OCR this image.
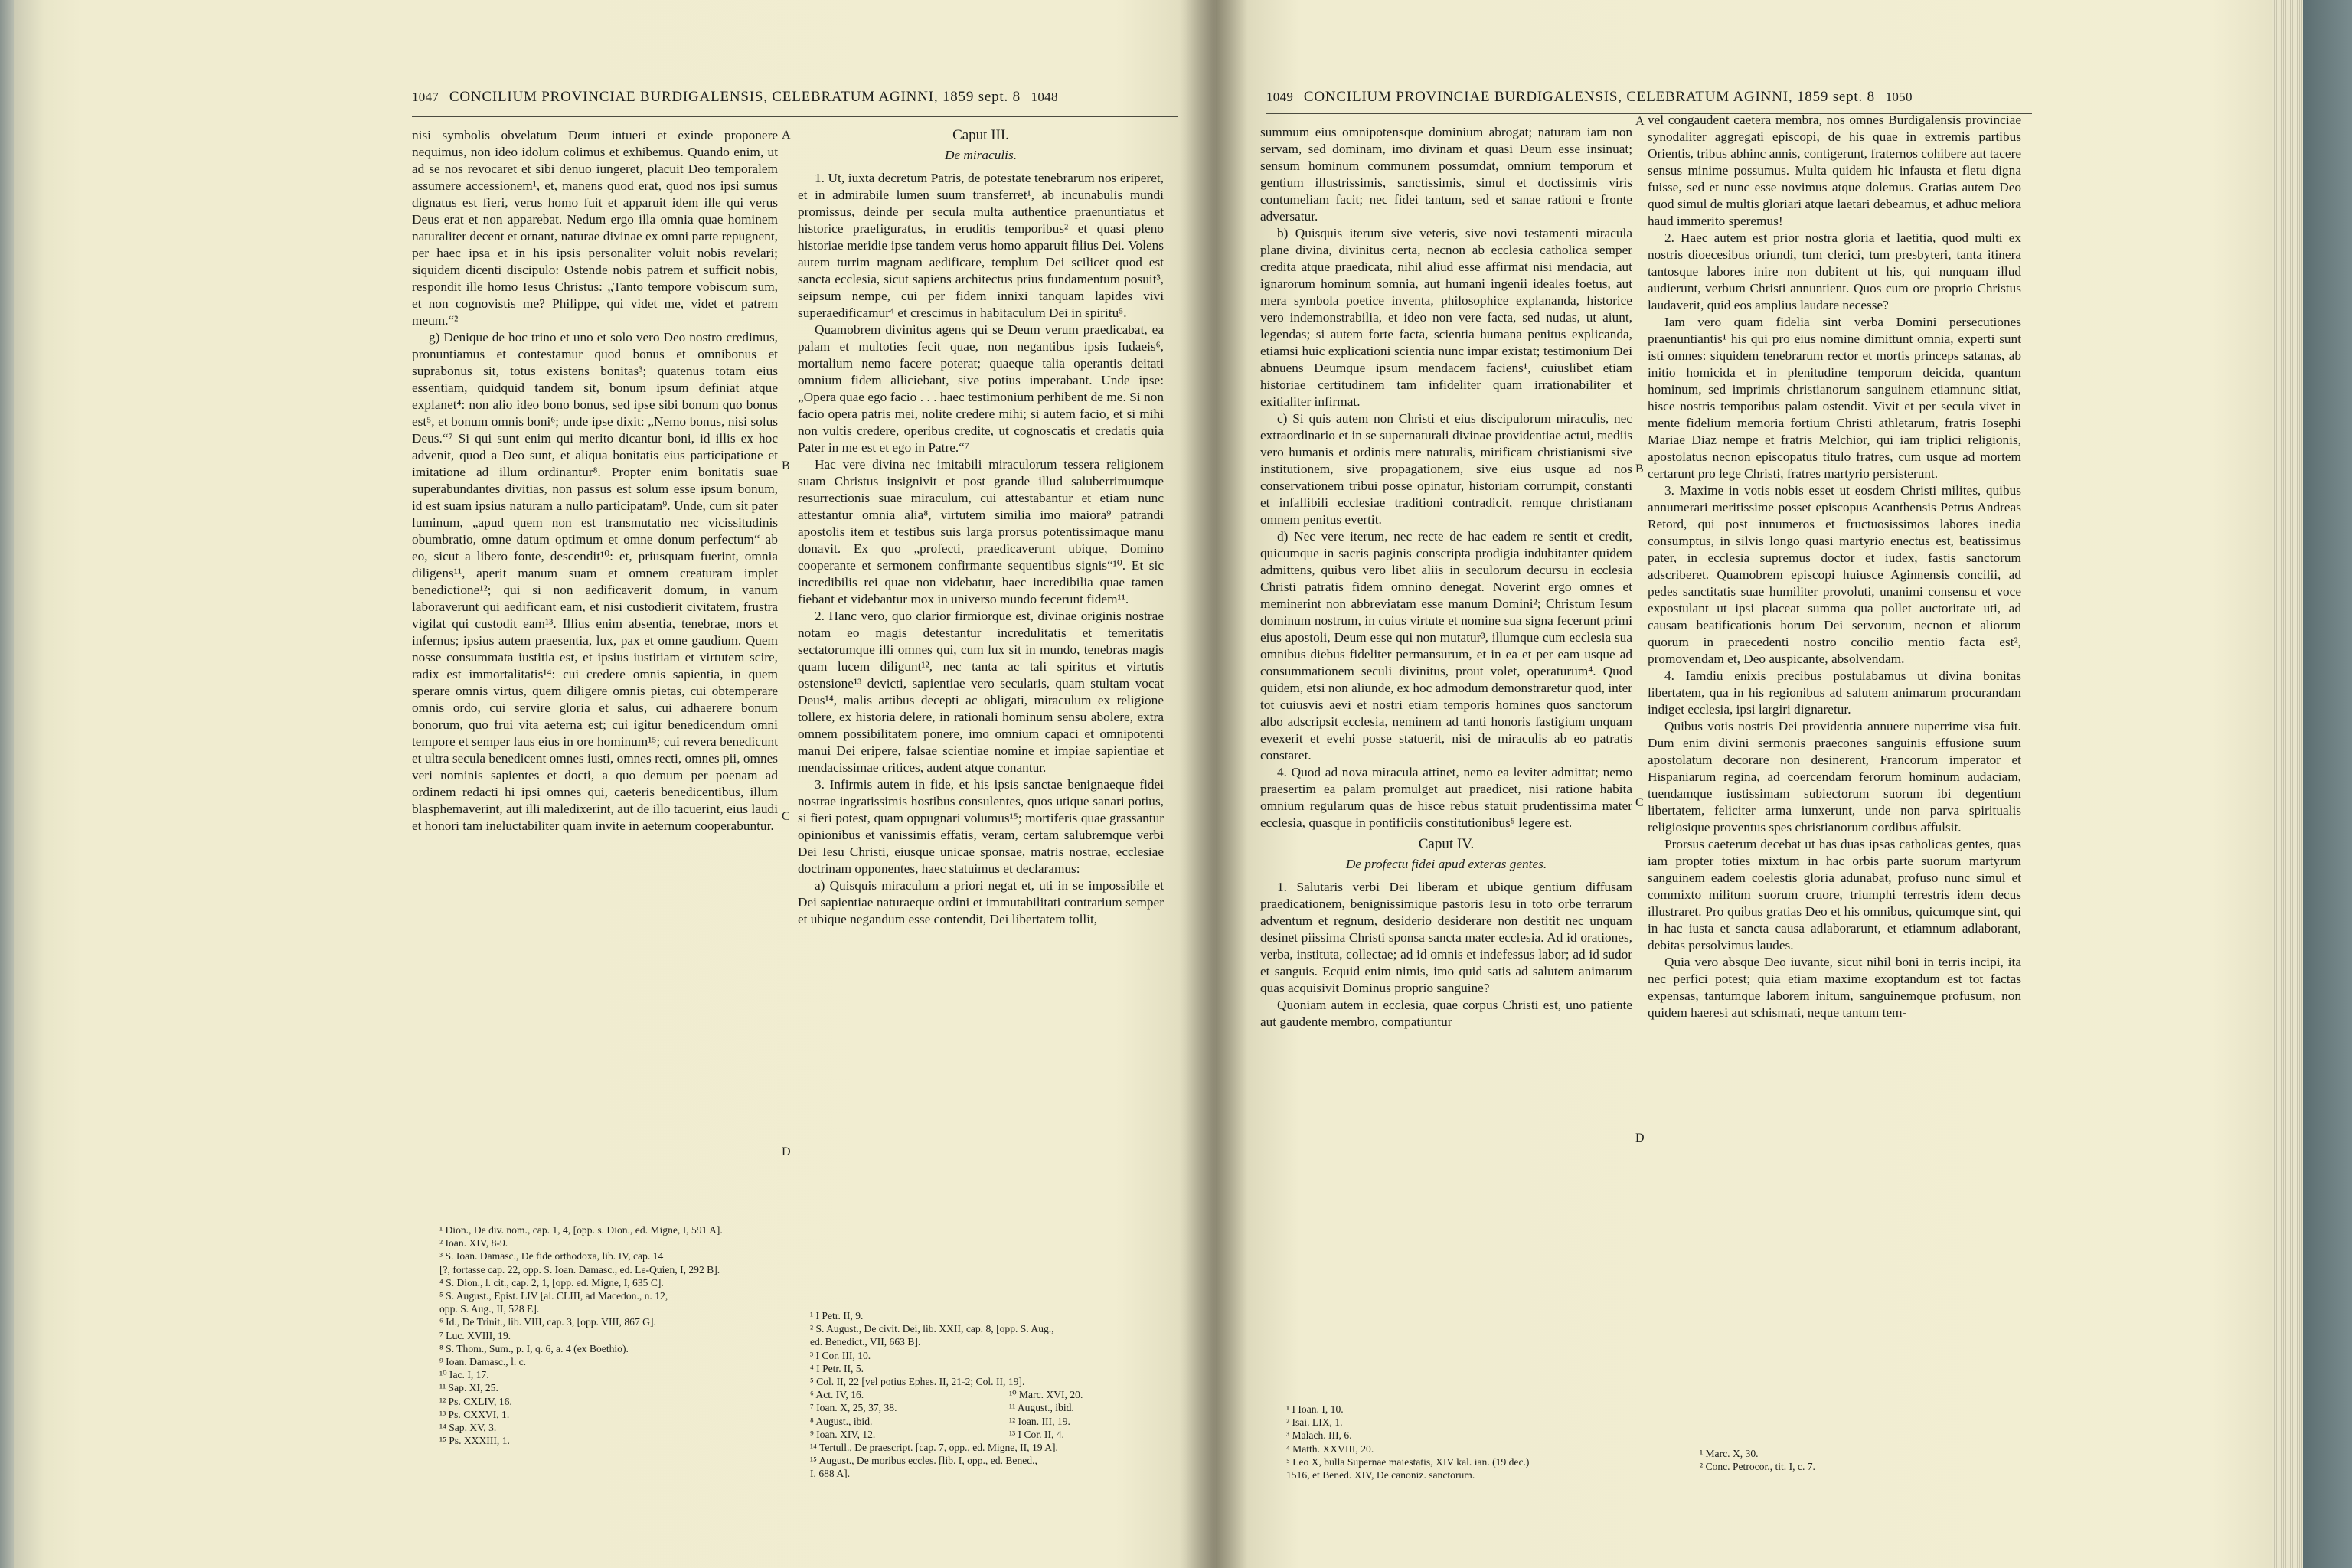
1047 CONCILIUM PROVINCIAE BURDIGALENSIS, CELEBRATUM AGINNI, 1859 sept. 8 1048

nisi symbolis obvelatum Deum intueri et exinde proponere nequimus, non ideo idolum colimus et exhibemus. Quando enim, ut ad se nos revocaret et sibi denuo iungeret, placuit Deo temporalem assumere accessionem¹, et, manens quod erat, quod nos ipsi sumus dignatus est fieri, verus homo fuit et apparuit idem ille qui verus Deus erat et non apparebat. Nedum ergo illa omnia quae hominem naturaliter decent et ornant, naturae divinae ex omni parte repugnent, per haec ipsa et in his ipsis personaliter voluit nobis revelari; siquidem dicenti discipulo: Ostende nobis patrem et sufficit nobis, respondit ille homo Iesus Christus: „Tanto tempore vobiscum sum, et non cognovistis me? Philippe, qui videt me, videt et patrem meum.“²

g) Denique de hoc trino et uno et solo vero Deo nostro credimus, pronuntiamus et contestamur quod bonus et omnibonus et suprabonus sit, totus existens bonitas³; quatenus totam eius essentiam, quidquid tandem sit, bonum ipsum definiat atque explanet⁴: non alio ideo bono bonus, sed ipse sibi bonum quo bonus est⁵, et bonum omnis boni⁶; unde ipse dixit: „Nemo bonus, nisi solus Deus.“⁷ Si qui sunt enim qui merito dicantur boni, id illis ex hoc advenit, quod a Deo sunt, et aliqua bonitatis eius participatione et imitatione ad illum ordinantur⁸. Propter enim bonitatis suae superabundantes divitias, non passus est solum esse ipsum bonum, id est suam ipsius naturam a nullo participatam⁹. Unde, cum sit pater luminum, „apud quem non est transmutatio nec vicissitudinis obumbratio, omne datum optimum et omne donum perfectum“ ab eo, sicut a libero fonte, descendit¹⁰: et, priusquam fuerint, omnia diligens¹¹, aperit manum suam et omnem creaturam implet benedictione¹²; qui si non aedificaverit domum, in vanum laboraverunt qui aedificant eam, et nisi custodierit civitatem, frustra vigilat qui custodit eam¹³. Illius enim absentia, tenebrae, mors et infernus; ipsius autem praesentia, lux, pax et omne gaudium. Quem nosse consummata iustitia est, et ipsius iustitiam et virtutem scire, radix est immortalitatis¹⁴: cui credere omnis sapientia, in quem sperare omnis virtus, quem diligere omnis pietas, cui obtemperare omnis ordo, cui servire gloria et salus, cui adhaerere bonum bonorum, quo frui vita aeterna est; cui igitur benedicendum omni tempore et semper laus eius in ore hominum¹⁵; cui revera benedicunt et ultra secula benedicent omnes iusti, omnes recti, omnes pii, omnes veri nominis sapientes et docti, a quo demum per poenam ad ordinem redacti hi ipsi omnes qui, caeteris benedicentibus, illum blasphemaverint, aut illi maledixerint, aut de illo tacuerint, eius laudi et honori tam ineluctabiliter quam invite in aeternum cooperabuntur.

A
B
C
D

Caput III.

De miraculis.

1. Ut, iuxta decretum Patris, de potestate tenebrarum nos eriperet, et in admirabile lumen suum transferret¹, ab incunabulis mundi promissus, deinde per secula multa authentice praenuntiatus et historice praefiguratus, in eruditis temporibus² et quasi pleno historiae meridie ipse tandem verus homo apparuit filius Dei. Volens autem turrim magnam aedificare, templum Dei scilicet quod est sancta ecclesia, sicut sapiens architectus prius fundamentum posuit³, seipsum nempe, cui per fidem innixi tanquam lapides vivi superaedificamur⁴ et crescimus in habitaculum Dei in spiritu⁵.

Quamobrem divinitus agens qui se Deum verum praedicabat, ea palam et multoties fecit quae, non negantibus ipsis Iudaeis⁶, mortalium nemo facere poterat; quaeque talia operantis deitati omnium fidem alliciebant, sive potius imperabant. Unde ipse: „Opera quae ego facio . . . haec testimonium perhibent de me. Si non facio opera patris mei, nolite credere mihi; si autem facio, et si mihi non vultis credere, operibus credite, ut cognoscatis et credatis quia Pater in me est et ego in Patre.“⁷

Hac vere divina nec imitabili miraculorum tessera religionem suam Christus insignivit et post grande illud saluberrimumque resurrectionis suae miraculum, cui attestabantur et etiam nunc attestantur omnia alia⁸, virtutem similia imo maiora⁹ patrandi apostolis item et testibus suis larga prorsus potentissimaque manu donavit. Ex quo „profecti, praedicaverunt ubique, Domino cooperante et sermonem confirmante sequentibus signis“¹⁰. Et sic incredibilis rei quae non videbatur, haec incredibilia quae tamen fiebant et videbantur mox in universo mundo fecerunt fidem¹¹.

2. Hanc vero, quo clarior firmiorque est, divinae originis nostrae notam eo magis detestantur incredulitatis et temeritatis sectatorumque illi omnes qui, cum lux sit in mundo, tenebras magis quam lucem diligunt¹², nec tanta ac tali spiritus et virtutis ostensione¹³ devicti, sapientiae vero secularis, quam stultam vocat Deus¹⁴, malis artibus decepti ac obligati, miraculum ex religione tollere, ex historia delere, in rationali hominum sensu abolere, extra omnem possibilitatem ponere, imo omnium capaci et omnipotenti manui Dei eripere, falsae scientiae nomine et impiae sapientiae et mendacissimae critices, audent atque conantur.

3. Infirmis autem in fide, et his ipsis sanctae benignaeque fidei nostrae ingratissimis hostibus consulentes, quos utique sanari potius, si fieri potest, quam oppugnari volumus¹⁵; mortiferis quae grassantur opinionibus et vanissimis effatis, veram, certam salubremque verbi Dei Iesu Christi, eiusque unicae sponsae, matris nostrae, ecclesiae doctrinam opponentes, haec statuimus et declaramus:

a) Quisquis miraculum a priori negat et, uti in se impossibile et Dei sapientiae naturaeque ordini et immutabilitati contrarium semper et ubique negandum esse contendit, Dei libertatem tollit,

¹ Dion., De div. nom., cap. 1, 4, [opp. s. Dion., ed. Migne, I, 591 A].
² Ioan. XIV, 8-9.
³ S. Ioan. Damasc., De fide orthodoxa, lib. IV, cap. 14
[?, fortasse cap. 22, opp. S. Ioan. Damasc., ed. Le-Quien, I, 292 B].
⁴ S. Dion., l. cit., cap. 2, 1, [opp. ed. Migne, I, 635 C].
⁵ S. August., Epist. LIV [al. CLIII, ad Macedon., n. 12,
opp. S. Aug., II, 528 E].
⁶ Id., De Trinit., lib. VIII, cap. 3, [opp. VIII, 867 G].
⁷ Luc. XVIII, 19.
⁸ S. Thom., Sum., p. I, q. 6, a. 4 (ex Boethio).
⁹ Ioan. Damasc., l. c.
¹⁰ Iac. I, 17.
¹¹ Sap. XI, 25.
¹² Ps. CXLIV, 16.
¹³ Ps. CXXVI, 1.
¹⁴ Sap. XV, 3.
¹⁵ Ps. XXXIII, 1.
¹ I Petr. II, 9.
² S. August., De civit. Dei, lib. XXII, cap. 8, [opp. S. Aug.,
ed. Benedict., VII, 663 B].
³ I Cor. III, 10.
⁴ I Petr. II, 5.
⁵ Col. II, 22 [vel potius Ephes. II, 21-2; Col. II, 19].
⁶ Act. IV, 16.
⁷ Ioan. X, 25, 37, 38.
⁸ August., ibid.
⁹ Ioan. XIV, 12.
¹⁰ Marc. XVI, 20.
¹¹ August., ibid.
¹² Ioan. III, 19.
¹³ I Cor. II, 4.
¹⁴ Tertull., De praescript. [cap. 7, opp., ed. Migne, II, 19 A].
¹⁵ August., De moribus eccles. [lib. I, opp., ed. Bened.,
I, 688 A].
1049 CONCILIUM PROVINCIAE BURDIGALENSIS, CELEBRATUM AGINNI, 1859 sept. 8 1050

summum eius omnipotensque dominium abrogat; naturam iam non servam, sed dominam, imo divinam et quasi Deum esse insinuat; sensum hominum communem possumdat, omnium temporum et gentium illustrissimis, sanctissimis, simul et doctissimis viris contumeliam facit; nec fidei tantum, sed et sanae rationi e fronte adversatur.

b) Quisquis iterum sive veteris, sive novi testamenti miracula plane divina, divinitus certa, necnon ab ecclesia catholica semper credita atque praedicata, nihil aliud esse affirmat nisi mendacia, aut ignarorum hominum somnia, aut humani ingenii ideales foetus, aut mera symbola poetice inventa, philosophice explananda, historice vero indemonstrabilia, et ideo non vere facta, sed nudas, ut aiunt, legendas; si autem forte facta, scientia humana penitus explicanda, etiamsi huic explicationi scientia nunc impar existat; testimonium Dei abnuens Deumque ipsum mendacem faciens¹, cuiuslibet etiam historiae certitudinem tam infideliter quam irrationabiliter et exitialiter infirmat.

c) Si quis autem non Christi et eius discipulorum miraculis, nec extraordinario et in se supernaturali divinae providentiae actui, mediis vero humanis et ordinis mere naturalis, mirificam christianismi sive institutionem, sive propagationem, sive eius usque ad nos conservationem tribui posse opinatur, historiam corrumpit, constanti et infallibili ecclesiae traditioni contradicit, remque christianam omnem penitus evertit.

d) Nec vere iterum, nec recte de hac eadem re sentit et credit, quicumque in sacris paginis conscripta prodigia indubitanter quidem admittens, quibus vero libet aliis in seculorum decursu in ecclesia Christi patratis fidem omnino denegat. Noverint ergo omnes et meminerint non abbreviatam esse manum Domini²; Christum Iesum dominum nostrum, in cuius virtute et nomine sua signa fecerunt primi eius apostoli, Deum esse qui non mutatur³, illumque cum ecclesia sua omnibus diebus fideliter permansurum, et in ea et per eam usque ad consummationem seculi divinitus, prout volet, operaturum⁴. Quod quidem, etsi non aliunde, ex hoc admodum demonstraretur quod, inter tot cuiusvis aevi et nostri etiam temporis homines quos sanctorum albo adscripsit ecclesia, neminem ad tanti honoris fastigium unquam evexerit et evehi posse statuerit, nisi de miraculis ab eo patratis constaret.

4. Quod ad nova miracula attinet, nemo ea leviter admittat; nemo praesertim ea palam promulget aut praedicet, nisi ratione habita omnium regularum quas de hisce rebus statuit prudentissima mater ecclesia, quasque in pontificiis constitutionibus⁵ legere est.

Caput IV.

De profectu fidei apud exteras gentes.

1. Salutaris verbi Dei liberam et ubique gentium diffusam praedicationem, benignissimique pastoris Iesu in toto orbe terrarum adventum et regnum, desiderio desiderare non destitit nec unquam desinet piissima Christi sponsa sancta mater ecclesia. Ad id orationes, verba, instituta, collectae; ad id omnis et indefessus labor; ad id sudor et sanguis. Ecquid enim nimis, imo quid satis ad salutem animarum quas acquisivit Dominus proprio sanguine?

Quoniam autem in ecclesia, quae corpus Christi est, uno patiente aut gaudente membro, compatiuntur

A
B
C
D

vel congaudent caetera membra, nos omnes Burdigalensis provinciae synodaliter aggregati episcopi, de his quae in extremis partibus Orientis, tribus abhinc annis, contigerunt, fraternos cohibere aut tacere sensus minime possumus. Multa quidem hic infausta et fletu digna fuisse, sed et nunc esse novimus atque dolemus. Gratias autem Deo quod simul de multis gloriari atque laetari debeamus, et adhuc meliora haud immerito speremus!

2. Haec autem est prior nostra gloria et laetitia, quod multi ex nostris dioecesibus oriundi, tum clerici, tum presbyteri, tanta itinera tantosque labores inire non dubitent ut his, qui nunquam illud audierunt, verbum Christi annuntient. Quos cum ore proprio Christus laudaverit, quid eos amplius laudare necesse?

Iam vero quam fidelia sint verba Domini persecutiones praenuntiantis¹ his qui pro eius nomine dimittunt omnia, experti sunt isti omnes: siquidem tenebrarum rector et mortis princeps satanas, ab initio homicida et in plenitudine temporum deicida, quantum hominum, sed imprimis christianorum sanguinem etiamnunc sitiat, hisce nostris temporibus palam ostendit. Vivit et per secula vivet in mente fidelium memoria fortium Christi athletarum, fratris Iosephi Mariae Diaz nempe et fratris Melchior, qui iam triplici religionis, apostolatus necnon episcopatus titulo fratres, cum usque ad mortem certarunt pro lege Christi, fratres martyrio persisterunt.

3. Maxime in votis nobis esset ut eosdem Christi milites, quibus annumerari meritissime posset episcopus Acanthensis Petrus Andreas Retord, qui post innumeros et fructuosissimos labores inedia consumptus, in silvis longo quasi martyrio enectus est, beatissimus pater, in ecclesia supremus doctor et iudex, fastis sanctorum adscriberet. Quamobrem episcopi huiusce Aginnensis concilii, ad pedes sanctitatis suae humiliter provoluti, unanimi consensu et voce expostulant ut ipsi placeat summa qua pollet auctoritate uti, ad causam beatificationis horum Dei servorum, necnon et aliorum quorum in praecedenti nostro concilio mentio facta est², promovendam et, Deo auspicante, absolvendam.

4. Iamdiu enixis precibus postulabamus ut divina bonitas libertatem, qua in his regionibus ad salutem animarum procurandam indiget ecclesia, ipsi largiri dignaretur.

Quibus votis nostris Dei providentia annuere nuperrime visa fuit. Dum enim divini sermonis praecones sanguinis effusione suum apostolatum decorare non desinerent, Francorum imperator et Hispaniarum regina, ad coercendam ferorum hominum audaciam, tuendamque iustissimam subiectorum suorum ibi degentium libertatem, feliciter arma iunxerunt, unde non parva spiritualis religiosique proventus spes christianorum cordibus affulsit.

Prorsus caeterum decebat ut has duas ipsas catholicas gentes, quas iam propter toties mixtum in hac orbis parte suorum martyrum sanguinem eadem coelestis gloria adunabat, profuso nunc simul et commixto militum suorum cruore, triumphi terrestris idem decus illustraret. Pro quibus gratias Deo et his omnibus, quicumque sint, qui in hac iusta et sancta causa adlaborarunt, et etiamnum adlaborant, debitas persolvimus laudes.

Quia vero absque Deo iuvante, sicut nihil boni in terris incipi, ita nec perfici potest; quia etiam maxime exoptandum est tot factas expensas, tantumque laborem initum, sanguinemque profusum, non quidem haeresi aut schismati, neque tantum tem-

¹ I Ioan. I, 10.
² Isai. LIX, 1.
³ Malach. III, 6.
⁴ Matth. XXVIII, 20.
⁵ Leo X, bulla Supernae maiestatis, XIV kal. ian. (19 dec.)
1516, et Bened. XIV, De canoniz. sanctorum.
¹ Marc. X, 30.
² Conc. Petrocor., tit. I, c. 7.
